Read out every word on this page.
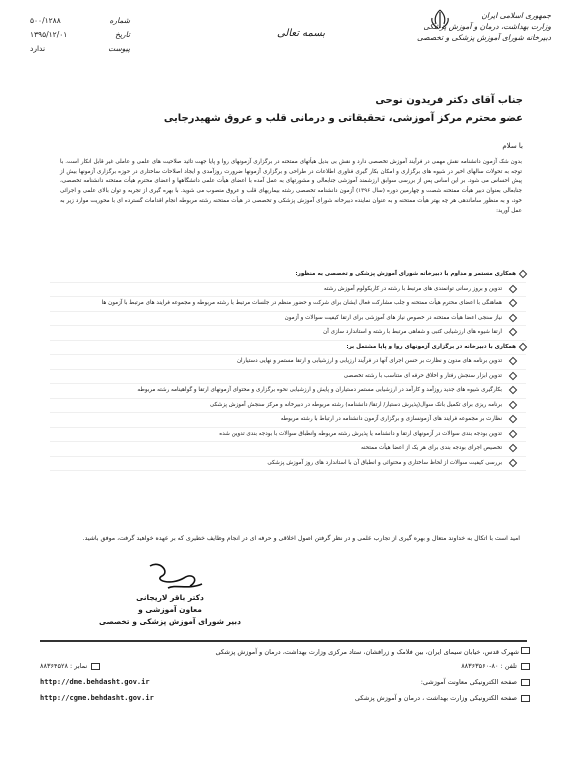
جمهوری اسلامی ایران
وزارت بهداشت، درمان و آموزش پزشکی
دبیرخانه شورای آموزش پزشکی و تخصصی
بسمه تعالی
شماره
۵۰۰/۱۲۸۸
تاریخ
۱۳۹۵/۱۲/۰۱
پیوست
ندارد
جناب آقای دکتر فریدون نوحی
عضو محترم مرکز آموزشی، تحقیقاتی و درمانی قلب و عروق شهیدرجایی
با سلام
بدون شک آزمون دانشنامه نقش مهمی در فرآیند آموزش تخصصی دارد و نقش بی بدیل هیأتهای ممتحنه در برگزاری آزمونهای روا و پایا جهت تائید صلاحیت های علمی و عاملی غیر قابل انکار است. با توجه به تحولات سالهای اخیر در شیوه های برگزاری و امکان بکار گیری فناوری اطلاعات در طراحی و برگزاری آزمونها ضرورت روزآمدی و ایجاد اصلاحات ساختاری در حوزه برگزاری آزمونها بیش از پیش احساس می شود. بر این اساس پس از بررسی سوابق ارزشمند آموزشی جنابعالی و مشورتهای به عمل آمده با اعضای هیأت علمی دانشگاهها و اعضای محترم هیأت ممتحنه دانشنامه تخصصی، جنابعالی بعنوان دبیر هیأت ممتحنه شصت و چهارمین دوره (سال ۱۳۹۶) آزمون دانشنامه تخصصی رشته بیماریهای قلب و عروق منصوب می شوید. با بهره گیری از تجربه و توان بالای علمی و اجرائی خود، و به منظور ساماندهی هر چه بهتر هیأت ممتحنه و به عنوان نماینده دبیرخانه شورای آموزش پزشکی و تخصصی در هیأت ممتحنه رشته مربوطه انجام اقدامات گسترده ای با محوریت موارد زیر به عمل آورید:
همکاری مستمر و مداوم با دبیرخانه شورای آموزش پزشکی و تخصصی به منظور:
تدوین و بروز رسانی توانمندی های مرتبط با رشته در کاریکولوم آموزش رشته
هماهنگی با اعضای محترم هیأت ممتحنه و جلب مشارکت فعال ایشان برای شرکت و حضور منظم در جلسات مرتبط با رشته مربوطه و مجموعه فرایند های مرتبط با آزمون ها
نیاز سنجی اعضا هیأت ممتحنه در خصوص نیاز های آموزشی برای ارتقا کیفیت سوالات و آزمون
ارتقا شیوه های ارزشیابی کتبی و شفاهی مرتبط با رشته و استاندارد سازی آن
همکاری با دبیرخانه در برگزاری آزمونهای روا و پایا مشتمل بر:
تدوین برنامه های مدون و نظارت بر حسن اجرای آنها در فرآیند ارزیابی و ارزشیابی و ارتقا مستمر و نهایی دستیاران
تدوین ابزار سنجش رفتار و اخلاق حرفه ای متناسب با رشته تخصصی
بکارگیری شیوه های جدید روزآمد و کارآمد در ارزشیابی مستمر دستیاران و پایش و ارزشیابی نحوه برگزاری و محتوای آزمونهای ارتقا و گواهینامه رشته مربوطه
برنامه ریزی برای تکمیل بانک سوال(پذیرش دستیار/ ارتقا/ دانشنامه) رشته مربوطه در دبیرخانه و مرکز سنجش آموزش پزشکی
نظارت بر مجموعه فرایند های آزمونسازی و برگزاری آزمون دانشنامه در ارتباط با رشته مربوطه
تدوین بودجه بندی سوالات در آزمونهای ارتقا و دانشنامه یا پذیرش رشته مربوطه وانطباق سوالات با بودجه بندی تدوین شده
تخصیص اجرای بودجه بندی برای هر یک از اعضا هیأت ممتحنه
بررسی کیفیت سوالات از لحاظ ساختاری و محتوائی و انطباق آن با استاندارد های روز آموزش پزشکی
امید است با اتکال به خداوند متعال و بهره گیری از تجارب علمی و در نظر گرفتن اصول اخلاقی و حرفه ای در انجام وظایف خطیری که بر عهده خواهید گرفت، موفق باشید.
دکتر باقر لاریجانی
معاون آموزشی و
دبیر شورای آموزش پزشکی و تخصصی
شهرک قدس، خیابان سیمای ایران، بین فلامک و زرافشان، ستاد مرکزی وزارت بهداشت، درمان و آموزش پزشکی
تلفن : ۸۰-۸۸۳۶۳۵۶۰
نمابر : ۸۸۳۶۴۵۲۸
صفحه الکترونیکی معاونت آموزشی:
http://dme.behdasht.gov.ir
صفحه الکترونیکی وزارت بهداشت ، درمان و آموزش پزشکی
http://cgme.behdasht.gov.ir
